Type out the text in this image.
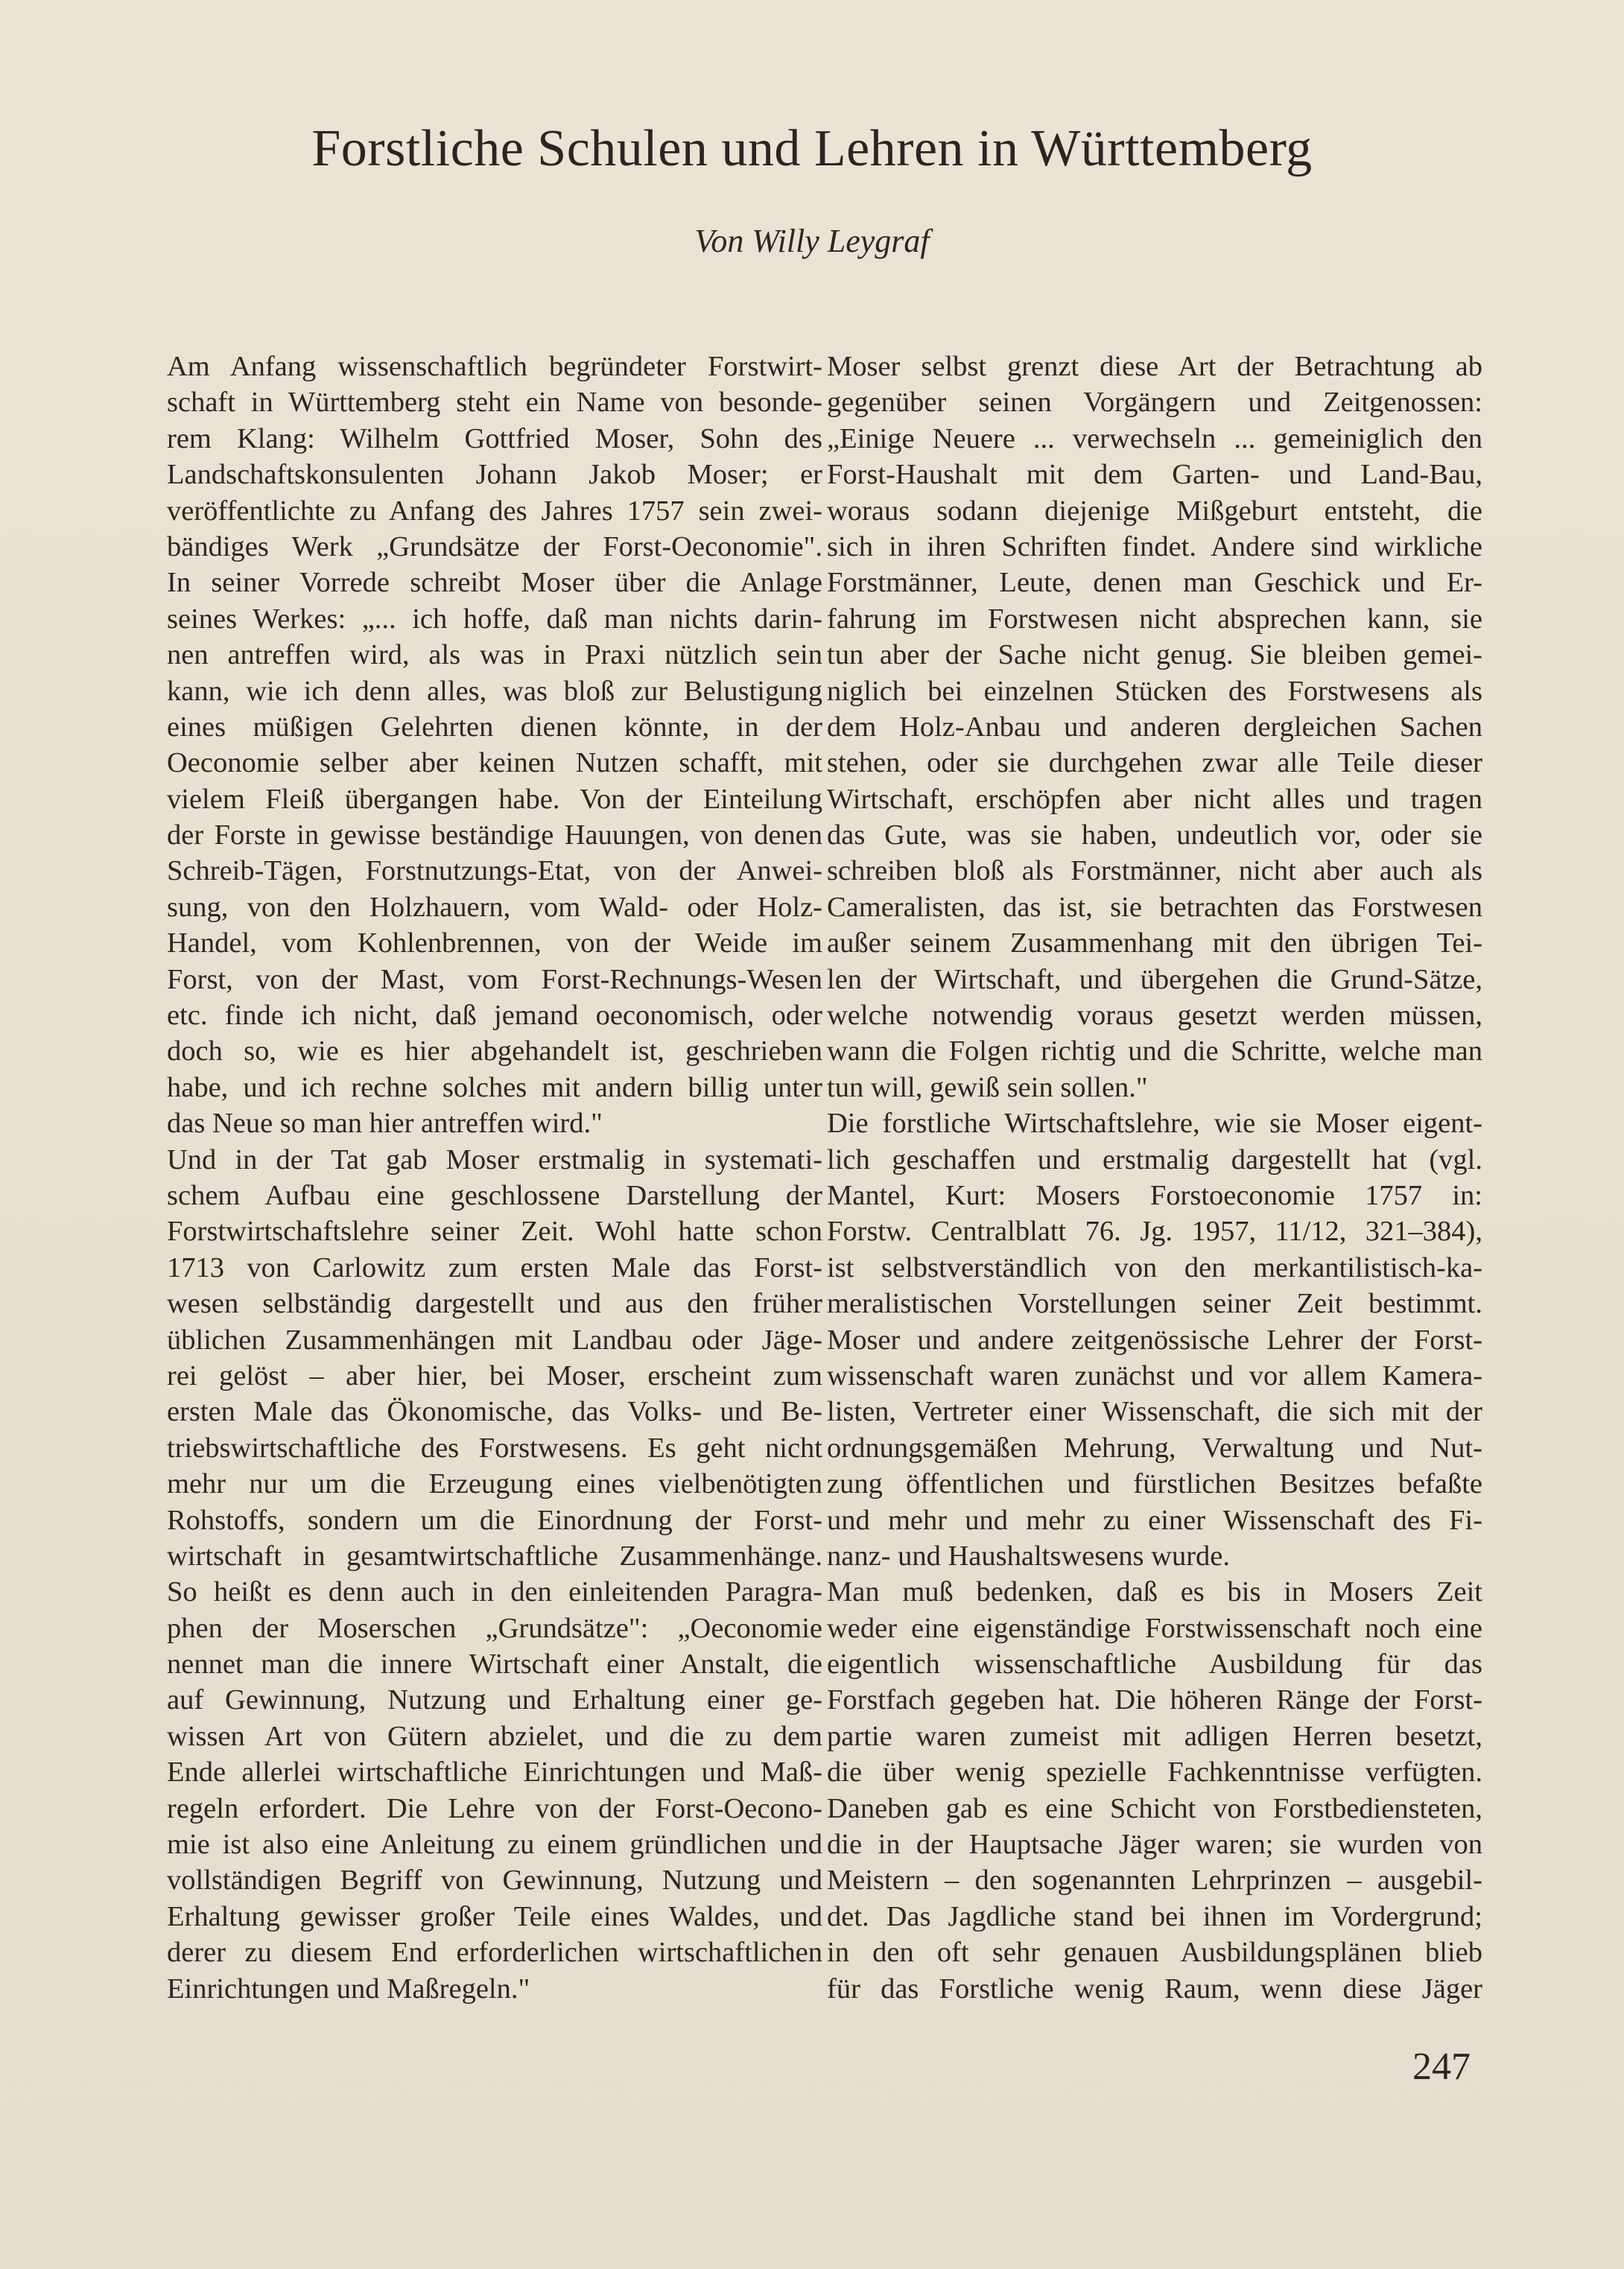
Forstliche Schulen und Lehren in Württemberg
Von Willy Leygraf
Am Anfang wissenschaftlich begründeter Forstwirt-
schaft in Württemberg steht ein Name von besonde-
rem Klang: Wilhelm Gottfried Moser, Sohn des
Landschaftskonsulenten Johann Jakob Moser; er
veröffentlichte zu Anfang des Jahres 1757 sein zwei-
bändiges Werk „Grundsätze der Forst-Oeconomie".
In seiner Vorrede schreibt Moser über die Anlage
seines Werkes: „... ich hoffe, daß man nichts darin-
nen antreffen wird, als was in Praxi nützlich sein
kann, wie ich denn alles, was bloß zur Belustigung
eines müßigen Gelehrten dienen könnte, in der
Oeconomie selber aber keinen Nutzen schafft, mit
vielem Fleiß übergangen habe. Von der Einteilung
der Forste in gewisse beständige Hauungen, von denen
Schreib-Tägen, Forstnutzungs-Etat, von der Anwei-
sung, von den Holzhauern, vom Wald- oder Holz-
Handel, vom Kohlenbrennen, von der Weide im
Forst, von der Mast, vom Forst-Rechnungs-Wesen
etc. finde ich nicht, daß jemand oeconomisch, oder
doch so, wie es hier abgehandelt ist, geschrieben
habe, und ich rechne solches mit andern billig unter
das Neue so man hier antreffen wird."
Und in der Tat gab Moser erstmalig in systemati-
schem Aufbau eine geschlossene Darstellung der
Forstwirtschaftslehre seiner Zeit. Wohl hatte schon
1713 von Carlowitz zum ersten Male das Forst-
wesen selbständig dargestellt und aus den früher
üblichen Zusammenhängen mit Landbau oder Jäge-
rei gelöst – aber hier, bei Moser, erscheint zum
ersten Male das Ökonomische, das Volks- und Be-
triebswirtschaftliche des Forstwesens. Es geht nicht
mehr nur um die Erzeugung eines vielbenötigten
Rohstoffs, sondern um die Einordnung der Forst-
wirtschaft in gesamtwirtschaftliche Zusammenhänge.
So heißt es denn auch in den einleitenden Paragra-
phen der Moserschen „Grundsätze": „Oeconomie
nennet man die innere Wirtschaft einer Anstalt, die
auf Gewinnung, Nutzung und Erhaltung einer ge-
wissen Art von Gütern abzielet, und die zu dem
Ende allerlei wirtschaftliche Einrichtungen und Maß-
regeln erfordert. Die Lehre von der Forst-Oecono-
mie ist also eine Anleitung zu einem gründlichen und
vollständigen Begriff von Gewinnung, Nutzung und
Erhaltung gewisser großer Teile eines Waldes, und
derer zu diesem End erforderlichen wirtschaftlichen
Einrichtungen und Maßregeln."
Moser selbst grenzt diese Art der Betrachtung ab
gegenüber seinen Vorgängern und Zeitgenossen:
„Einige Neuere ... verwechseln ... gemeiniglich den
Forst-Haushalt mit dem Garten- und Land-Bau,
woraus sodann diejenige Mißgeburt entsteht, die
sich in ihren Schriften findet. Andere sind wirkliche
Forstmänner, Leute, denen man Geschick und Er-
fahrung im Forstwesen nicht absprechen kann, sie
tun aber der Sache nicht genug. Sie bleiben gemei-
niglich bei einzelnen Stücken des Forstwesens als
dem Holz-Anbau und anderen dergleichen Sachen
stehen, oder sie durchgehen zwar alle Teile dieser
Wirtschaft, erschöpfen aber nicht alles und tragen
das Gute, was sie haben, undeutlich vor, oder sie
schreiben bloß als Forstmänner, nicht aber auch als
Cameralisten, das ist, sie betrachten das Forstwesen
außer seinem Zusammenhang mit den übrigen Tei-
len der Wirtschaft, und übergehen die Grund-Sätze,
welche notwendig voraus gesetzt werden müssen,
wann die Folgen richtig und die Schritte, welche man
tun will, gewiß sein sollen."
Die forstliche Wirtschaftslehre, wie sie Moser eigent-
lich geschaffen und erstmalig dargestellt hat (vgl.
Mantel, Kurt: Mosers Forstoeconomie 1757 in:
Forstw. Centralblatt 76. Jg. 1957, 11/12, 321–384),
ist selbstverständlich von den merkantilistisch-ka-
meralistischen Vorstellungen seiner Zeit bestimmt.
Moser und andere zeitgenössische Lehrer der Forst-
wissenschaft waren zunächst und vor allem Kamera-
listen, Vertreter einer Wissenschaft, die sich mit der
ordnungsgemäßen Mehrung, Verwaltung und Nut-
zung öffentlichen und fürstlichen Besitzes befaßte
und mehr und mehr zu einer Wissenschaft des Fi-
nanz- und Haushaltswesens wurde.
Man muß bedenken, daß es bis in Mosers Zeit
weder eine eigenständige Forstwissenschaft noch eine
eigentlich wissenschaftliche Ausbildung für das
Forstfach gegeben hat. Die höheren Ränge der Forst-
partie waren zumeist mit adligen Herren besetzt,
die über wenig spezielle Fachkenntnisse verfügten.
Daneben gab es eine Schicht von Forstbediensteten,
die in der Hauptsache Jäger waren; sie wurden von
Meistern – den sogenannten Lehrprinzen – ausgebil-
det. Das Jagdliche stand bei ihnen im Vordergrund;
in den oft sehr genauen Ausbildungsplänen blieb
für das Forstliche wenig Raum, wenn diese Jäger
247
